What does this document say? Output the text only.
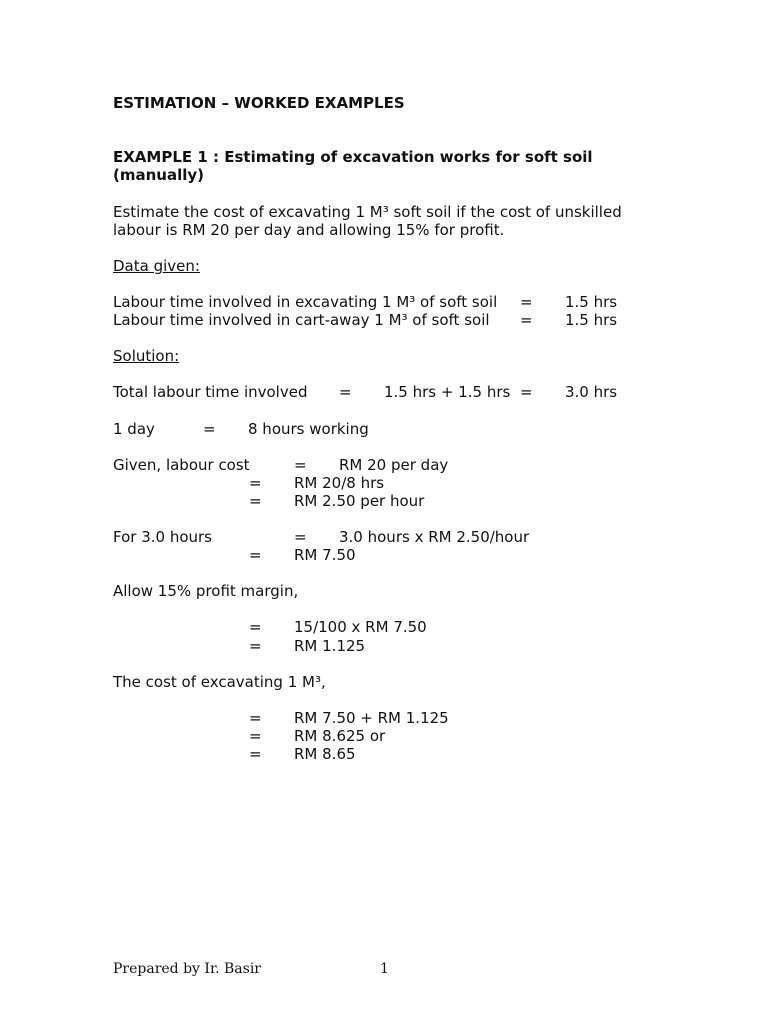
ESTIMATION – WORKED EXAMPLES
EXAMPLE 1 : Estimating of excavation works for soft soil
(manually)
Estimate the cost of excavating 1 M³ soft soil if the cost of unskilled
labour is RM 20 per day and allowing 15% for profit.
Data given:
Labour time involved in excavating 1 M³ of soft soil = 1.5 hrs
Labour time involved in cart-away 1 M³ of soft soil = 1.5 hrs
Solution:
Total labour time involved = 1.5 hrs + 1.5 hrs = 3.0 hrs
1 day	= 8 hours working
Given, labour cost	= RM 20 per day
= RM 20/8 hrs
= RM 2.50 per hour
For 3.0 hours	= 3.0 hours x RM 2.50/hour
= RM 7.50
Allow 15% profit margin,
= 15/100 x RM 7.50
= RM 1.125
The cost of excavating 1 M³,
= RM 7.50 + RM 1.125
= RM 8.625 or
= RM 8.65
Prepared by Ir. Basir	1
